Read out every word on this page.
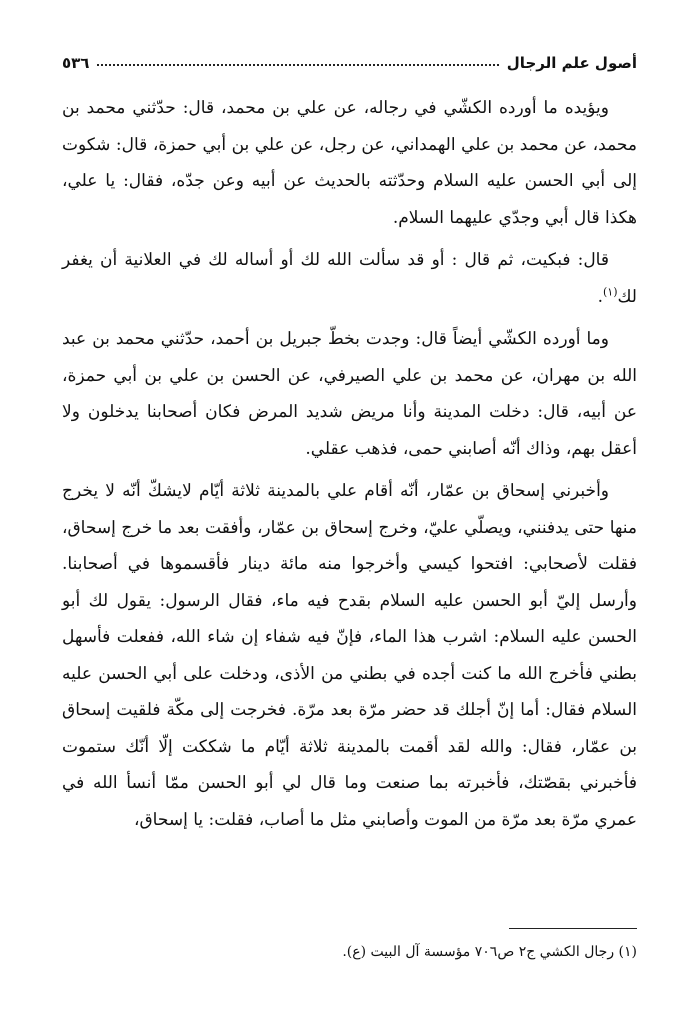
أصول علم الرجال
٥٣٦

ويؤيده ما أورده الكشّي في رجاله، عن علي بن محمد، قال: حدّثني محمد بن محمد، عن محمد بن علي الهمداني، عن رجل، عن علي بن أبي حمزة، قال: شكوت إلى أبي الحسن عليه السلام وحدّثته بالحديث عن أبيه وعن جدّه، فقال: يا علي، هكذا قال أبي وجدّي عليهما السلام.

قال: فبكيت، ثم قال : أو قد سألت الله لك أو أساله لك في العلانية أن يغفر لك$^{(١)}$.

وما أورده الكشّي أيضاً قال: وجدت بخطّ جبريل بن أحمد، حدّثني محمد بن عبد الله بن مهران، عن محمد بن علي الصيرفي، عن الحسن بن علي بن أبي حمزة، عن أبيه، قال: دخلت المدينة وأنا مريض شديد المرض فكان أصحابنا يدخلون ولا أعقل بهم، وذاك أنّه أصابني حمى، فذهب عقلي.

وأخبرني إسحاق بن عمّار، أنّه أقام علي بالمدينة ثلاثة أيّام لايشكّ أنّه لا يخرج منها حتى يدفنني، ويصلّي عليّ، وخرج إسحاق بن عمّار، وأفقت بعد ما خرج إسحاق، فقلت لأصحابي: افتحوا كيسي وأخرجوا منه مائة دينار فأقسموها في أصحابنا. وأرسل إليّ أبو الحسن عليه السلام بقدح فيه ماء، فقال الرسول: يقول لك أبو الحسن عليه السلام: اشرب هذا الماء، فإنّ فيه شفاء إن شاء الله، ففعلت فأسهل بطني فأخرج الله ما كنت أجده في بطني من الأذى، ودخلت على أبي الحسن عليه السلام فقال: أما إنّ أجلك قد حضر مرّة بعد مرّة. فخرجت إلى مكّة فلقيت إسحاق بن عمّار، فقال: والله لقد أقمت بالمدينة ثلاثة أيّام ما شككت إلّا أنّك ستموت فأخبرني بقصّتك، فأخبرته بما صنعت وما قال لي أبو الحسن ممّا أنسأ الله في عمري مرّة بعد مرّة من الموت وأصابني مثل ما أصاب، فقلت: يا إسحاق،

(١) رجال الكشي ج٢ ص٧٠٦ مؤسسة آل البيت (ع).
